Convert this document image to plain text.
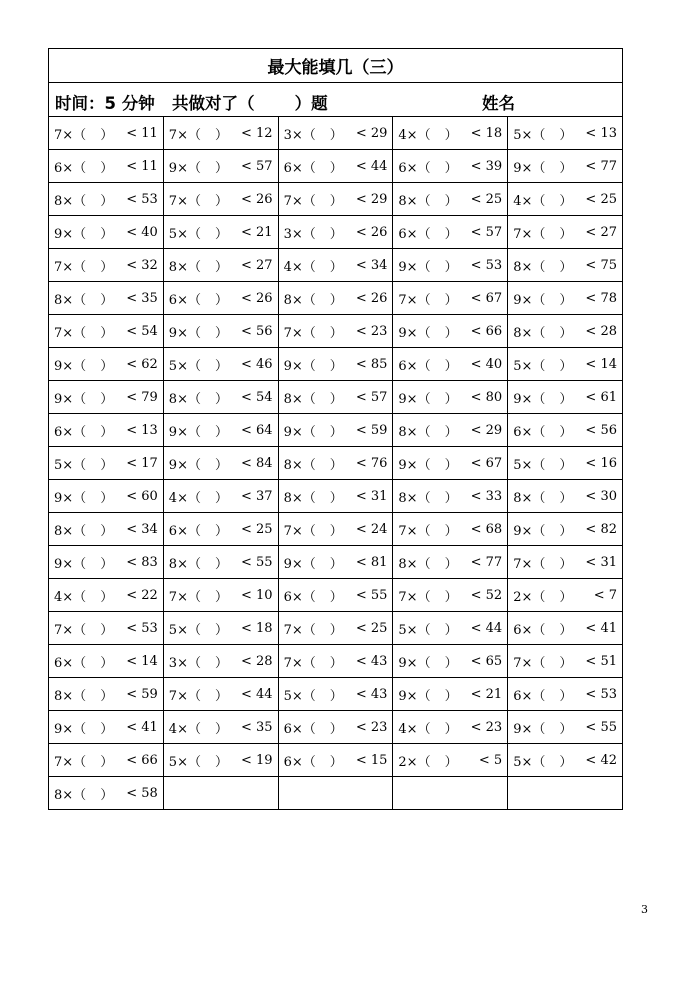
最大能填几（三）				

时间：5 分钟   共做对了（       ）题 姓名				

7×（ ） < 11	7×（ ） < 12	3×（ ） < 29	4×（ ） < 18	5×（ ） < 13

6×（ ） < 11	9×（ ） < 57	6×（ ） < 44	6×（ ） < 39	9×（ ） < 77

8×（ ） < 53	7×（ ） < 26	7×（ ） < 29	8×（ ） < 25	4×（ ） < 25

9×（ ） < 40	5×（ ） < 21	3×（ ） < 26	6×（ ） < 57	7×（ ） < 27

7×（ ） < 32	8×（ ） < 27	4×（ ） < 34	9×（ ） < 53	8×（ ） < 75

8×（ ） < 35	6×（ ） < 26	8×（ ） < 26	7×（ ） < 67	9×（ ） < 78

7×（ ） < 54	9×（ ） < 56	7×（ ） < 23	9×（ ） < 66	8×（ ） < 28

9×（ ） < 62	5×（ ） < 46	9×（ ） < 85	6×（ ） < 40	5×（ ） < 14

9×（ ） < 79	8×（ ） < 54	8×（ ） < 57	9×（ ） < 80	9×（ ） < 61

6×（ ） < 13	9×（ ） < 64	9×（ ） < 59	8×（ ） < 29	6×（ ） < 56

5×（ ） < 17	9×（ ） < 84	8×（ ） < 76	9×（ ） < 67	5×（ ） < 16

9×（ ） < 60	4×（ ） < 37	8×（ ） < 31	8×（ ） < 33	8×（ ） < 30

8×（ ） < 34	6×（ ） < 25	7×（ ） < 24	7×（ ） < 68	9×（ ） < 82

9×（ ） < 83	8×（ ） < 55	9×（ ） < 81	8×（ ） < 77	7×（ ） < 31

4×（ ） < 22	7×（ ） < 10	6×（ ） < 55	7×（ ） < 52	2×（ ） < 7

7×（ ） < 53	5×（ ） < 18	7×（ ） < 25	5×（ ） < 44	6×（ ） < 41

6×（ ） < 14	3×（ ） < 28	7×（ ） < 43	9×（ ） < 65	7×（ ） < 51

8×（ ） < 59	7×（ ） < 44	5×（ ） < 43	9×（ ） < 21	6×（ ） < 53

9×（ ） < 41	4×（ ） < 35	6×（ ） < 23	4×（ ） < 23	9×（ ） < 55

7×（ ） < 66	5×（ ） < 19	6×（ ） < 15	2×（ ） < 5	5×（ ） < 42

8×（ ） < 58				

3
